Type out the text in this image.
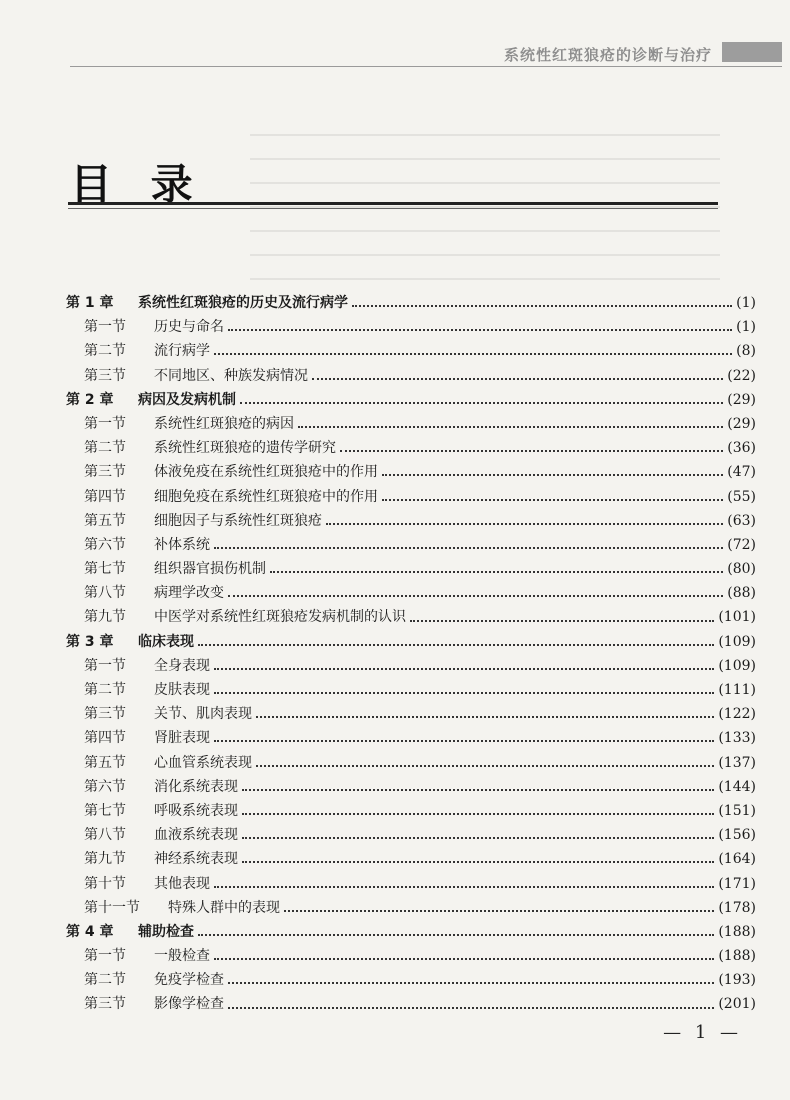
系统性红斑狼疮的诊断与治疗
目 录
第 1 章	系统性红斑狼疮的历史及流行病学	(1)
第一节	历史与命名	(1)
第二节	流行病学	(8)
第三节	不同地区、种族发病情况	(22)
第 2 章	病因及发病机制	(29)
第一节	系统性红斑狼疮的病因	(29)
第二节	系统性红斑狼疮的遗传学研究	(36)
第三节	体液免疫在系统性红斑狼疮中的作用	(47)
第四节	细胞免疫在系统性红斑狼疮中的作用	(55)
第五节	细胞因子与系统性红斑狼疮	(63)
第六节	补体系统	(72)
第七节	组织器官损伤机制	(80)
第八节	病理学改变	(88)
第九节	中医学对系统性红斑狼疮发病机制的认识	(101)
第 3 章	临床表现	(109)
第一节	全身表现	(109)
第二节	皮肤表现	(111)
第三节	关节、肌肉表现	(122)
第四节	肾脏表现	(133)
第五节	心血管系统表现	(137)
第六节	消化系统表现	(144)
第七节	呼吸系统表现	(151)
第八节	血液系统表现	(156)
第九节	神经系统表现	(164)
第十节	其他表现	(171)
第十一节	特殊人群中的表现	(178)
第 4 章	辅助检查	(188)
第一节	一般检查	(188)
第二节	免疫学检查	(193)
第三节	影像学检查	(201)
— 1 —
